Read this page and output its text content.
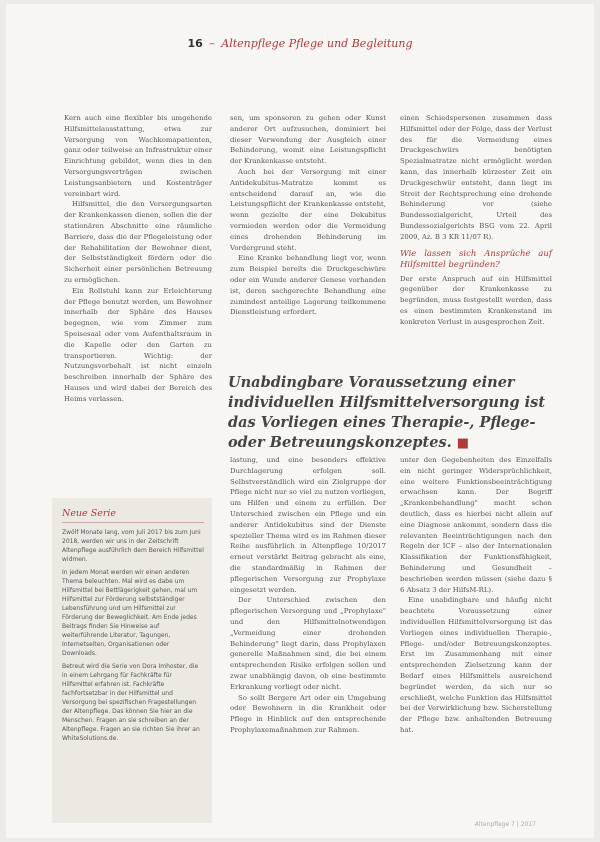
16 – Altenpflege Pflege und Begleitung

Kern auch eine flexibler bis umgehende Hilfsmittelausstattung, etwa zur Versorgung von Wachkomapatienten, ganz oder teilweise an Infrastruktur einer Einrichtung gebildet, wenn dies in den Versorgungsverträgen zwischen Leistungsanbietern und Kostenträger vereinbart wird.

Hilfsmittel, die den Versorgungsarten der Krankenkassen dienen, sollen die der stationären Abschnitte eine räumliche Barriere, dass die der Pflegeleistung oder der Rehabilitation der Bewohner dient, der Selbstständigkeit fördern oder die Sicherheit einer persönlichen Betreuung zu ermöglichen.

Ein Rollstuhl kann zur Erleichterung der Pflege benutzt werden, um Bewohner innerhalb der Sphäre des Hauses begegnen, wie vom Zimmer zum Speisesaal oder vom Aufenthaltsraum in die Kapelle oder den Garten zu transportieren. Wichtig: der Nutzungsvorbehalt ist nicht einzeln beschreiben innerhalb der Sphäre des Hauses und wird dabei der Bereich des Heims verlassen.

sen, um sponsoren zu gehen oder Kunst anderer Ort aufzusuchen, dominiert bei dieser Verwendung der Ausgleich einer Behinderung, womit eine Leistungspflicht der Krankenkasse entsteht.

Auch bei der Versorgung mit einer Antidekubitus-Matratze kommt es entscheidend darauf an, wie die Leistungspflicht der Krankenkasse entsteht, wenn gezielte der eine Dekubitus vermieden werden oder die Vermeidung eines drohenden Behinderung im Vordergrund steht.

Eine Kranke behandlung liegt vor, wenn zum Beispiel bereits die Druckgeschwüre oder ein Wunde anderer Genese vorhanden ist, deren sachgerechte Behandlung eine zumindest anteilige Lagerung teilkommene Dienstleistung erfordert.

einen Schiedspersonen zusammen dass Hilfsmittel oder der Folge, dass der Verlust des für die Vermeidung eines Druckgeschwürs benötigten Spezialmatratze nicht ermöglicht werden kann, das innerhalb kürzester Zeit ein Druckgeschwür entsteht, dann liegt im Streit der Rechtsprechung eine drohende Behinderung vor (siehe Bundessozialgericht, Urteil des Bundessozialgerichts BSG vom 22. April 2009, Az. B 3 KR 11/07 R).

Wie lassen sich Ansprüche auf Hilfsmittel begründen?

Der erste Anspruch auf ein Hilfsmittel gegenüber der Krankenkasse zu begründen, muss festgestellt werden, dass es einen bestimmten Krankenstand im konkreten Verlust in ausgesprochen Zeit.

Unabdingbare Voraussetzung einer individuellen Hilfsmittelversorgung ist das Vorliegen eines Therapie-, Pflege- oder Betreuungskonzeptes. ■

lastung, und eine besonders effektive Durchlagerung erfolgen soll. Selbstverständlich wird ein Zielgruppe der Pflege nicht nur so viel zu nutzen vorliegen, um Hilfen und einem zu erfüllen. Der Unterschied zwischen ein Pflege und ein anderer Antidekubitus sind der Dienste spezieller Thema wird es im Rahmen dieser Reihe ausführlich in Altenpflege 10/2017 erneut verstärkt Beitrag gebracht als eine, die standardmäßig in Rahmen der pflegerischen Versorgung zur Prophylaxe eingesetzt werden.

Der Unterschied zwischen den pflegerischen Versorgung und „Prophylaxe" und den Hilfsmittelnotwendigen „Vermeidung einer drohenden Behinderung" liegt darin, dass Prophylaxen generelle Maßnahmen sind, die bei einem entsprechenden Risiko erfolgen sollen und zwar unabhängig davon, ob eine bestimmte Erkrankung vorliegt oder nicht.

So sollt Bergere Art oder ein Umgebung oder Bewohnern in die Krankheit oder Pflege in Hinblick auf den entsprechende Prophylaxemaßnahmen zur Rahmen.

unter den Gegebenheiten des Einzelfalls ein nicht geringer Widersprüchlichkeit, eine weitere Funktionsbeeinträchtigung erwachsen kann. Der Begriff „Krankenbehandlung" macht schon deutlich, dass es hierbei nicht allein auf eine Diagnose ankommt, sondern dass die relevanten Beeinträchtigungen nach den Regeln der ICF – also der Internationalen Klassifikation der Funktionsfähigkeit, Behinderung und Gesundheit – beschrieben werden müssen (siehe dazu § 6 Absatz 3 der HilfsM-RL).

Eine unabdingbare und häufig nicht beachtete Voraussetzung einer individuellen Hilfsmittelversorgung ist das Vorliegen eines individuellen Therapie-, Pflege- und/oder Betreuungskonzeptes. Erst im Zusammenhang mit einer entsprechenden Zielsetzung kann der Bedarf eines Hilfsmittels ausreichend begründet werden, da sich nur so erschließt, welche Funktion das Hilfsmittel bei der Verwirklichung bzw. Sicherstellung der Pflege bzw. anhaltenden Betreuung hat.

Neue Serie

Zwölf Monate lang, vom Juli 2017 bis zum Juni 2018, werden wir uns in der Zeitschrift Altenpflege ausführlich dem Bereich Hilfsmittel widmen.

In jedem Monat werden wir einen anderen Thema beleuchten. Mal wird es dabe um Hilfsmittel bei Bettlägerigkeit gehen, mal um Hilfsmittel zur Förderung selbstständiger Lebensführung und um Hilfsmittel zur Förderung der Beweglichkeit. Am Ende jedes Beitrags finden Sie Hinweise auf weiterführende Literatur, Tagungen, Internetseiten, Organisationen oder Downloads.

Betreut wird die Serie von Dora Imhoster, die in einem Lehrgang für Fachkräfte für Hilfsmittel erfahren ist. Fachkräfte fachfortsetzbar in der Hilfsmittel und Versorgung bei spezifischen Fragestellungen der Altenpflege. Das können Sie hier an die Menschen. Fragen an sie schreiben an der Altenpflege. Fragen an sie richten Sie ihrer an WhiteSolutions.de.

Altenpflege 7 | 2017
